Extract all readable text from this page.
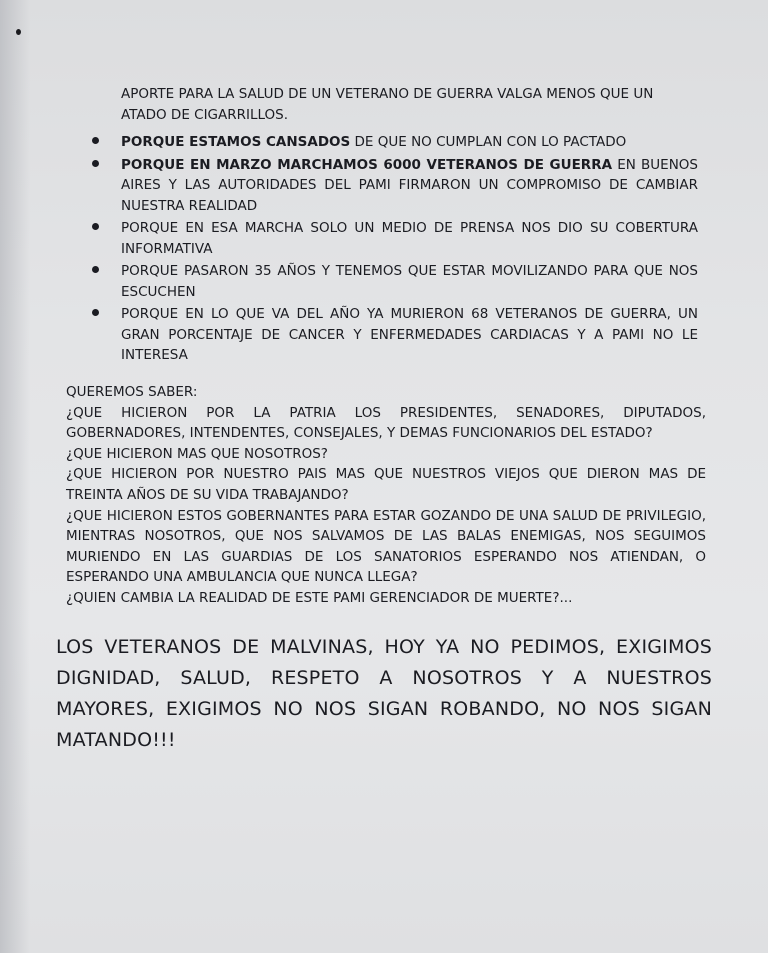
APORTE PARA LA SALUD DE UN VETERANO DE GUERRA VALGA MENOS QUE UN ATADO DE CIGARRILLOS.
PORQUE ESTAMOS CANSADOS DE QUE NO CUMPLAN CON LO PACTADO
PORQUE EN MARZO MARCHAMOS 6000 VETERANOS DE GUERRA EN BUENOS AIRES Y LAS AUTORIDADES DEL PAMI FIRMARON UN COMPROMISO DE CAMBIAR NUESTRA REALIDAD
PORQUE EN ESA MARCHA SOLO UN MEDIO DE PRENSA NOS DIO SU COBERTURA INFORMATIVA
PORQUE PASARON 35 AÑOS Y TENEMOS QUE ESTAR MOVILIZANDO PARA QUE NOS ESCUCHEN
PORQUE EN LO QUE VA DEL AÑO YA MURIERON 68 VETERANOS DE GUERRA, UN GRAN PORCENTAJE DE CANCER Y ENFERMEDADES CARDIACAS Y A PAMI NO LE INTERESA

QUEREMOS SABER:

¿QUE HICIERON POR LA PATRIA LOS PRESIDENTES, SENADORES, DIPUTADOS, GOBERNADORES, INTENDENTES, CONSEJALES, Y DEMAS FUNCIONARIOS DEL ESTADO?

¿QUE HICIERON MAS QUE NOSOTROS?

¿QUE HICIERON POR NUESTRO PAIS MAS QUE NUESTROS VIEJOS QUE DIERON MAS DE TREINTA AÑOS DE SU VIDA TRABAJANDO?

¿QUE HICIERON ESTOS GOBERNANTES PARA ESTAR GOZANDO DE UNA SALUD DE PRIVILEGIO, MIENTRAS NOSOTROS, QUE NOS SALVAMOS DE LAS BALAS ENEMIGAS, NOS SEGUIMOS MURIENDO EN LAS GUARDIAS DE LOS SANATORIOS ESPERANDO NOS ATIENDAN, O ESPERANDO UNA AMBULANCIA QUE NUNCA LLEGA?

¿QUIEN CAMBIA LA REALIDAD DE ESTE PAMI GERENCIADOR DE MUERTE?...

LOS VETERANOS DE MALVINAS, HOY YA NO PEDIMOS, EXIGIMOS DIGNIDAD, SALUD, RESPETO A NOSOTROS Y A NUESTROS MAYORES, EXIGIMOS NO NOS SIGAN ROBANDO, NO NOS SIGAN MATANDO!!!
